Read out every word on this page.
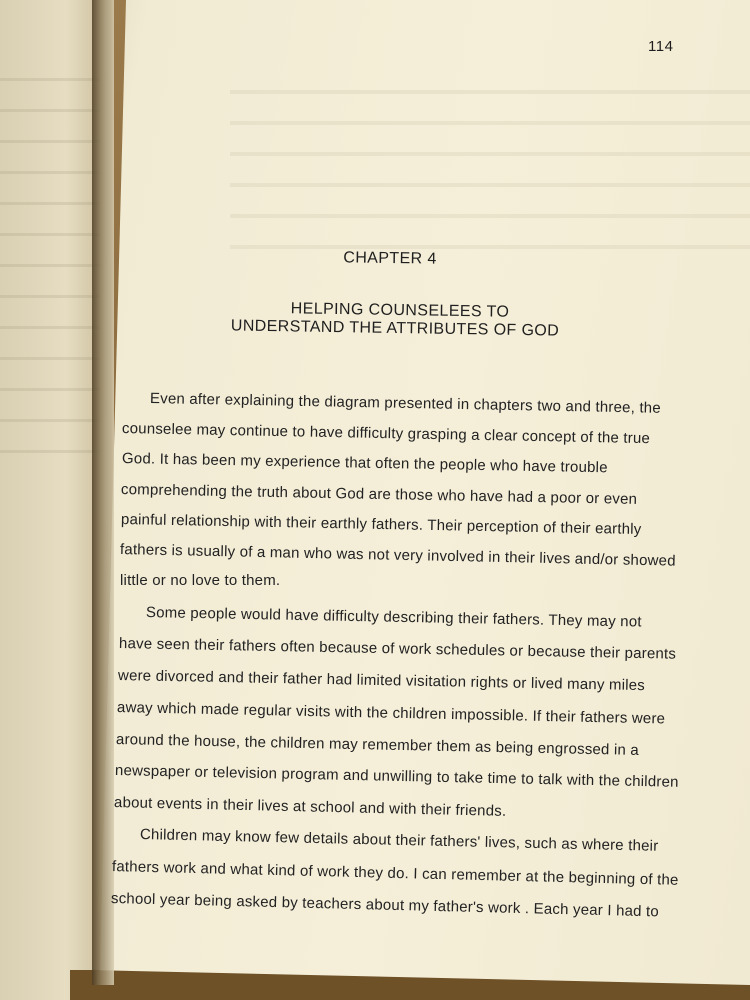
114
CHAPTER 4
HELPING COUNSELEES TO
UNDERSTAND THE ATTRIBUTES OF GOD
Even after explaining the diagram presented in chapters two and three, the
counselee may continue to have difficulty grasping a clear concept of the true
God. It has been my experience that often the people who have trouble
comprehending the truth about God are those who have had a poor or even
painful relationship with their earthly fathers. Their perception of their earthly
fathers is usually of a man who was not very involved in their lives and/or showed
little or no love to them.
Some people would have difficulty describing their fathers. They may not
have seen their fathers often because of work schedules or because their parents
were divorced and their father had limited visitation rights or lived many miles
away which made regular visits with the children impossible. If their fathers were
around the house, the children may remember them as being engrossed in a
newspaper or television program and unwilling to take time to talk with the children
about events in their lives at school and with their friends.
Children may know few details about their fathers' lives, such as where their
fathers work and what kind of work they do. I can remember at the beginning of the
school year being asked by teachers about my father's work . Each year I had to
